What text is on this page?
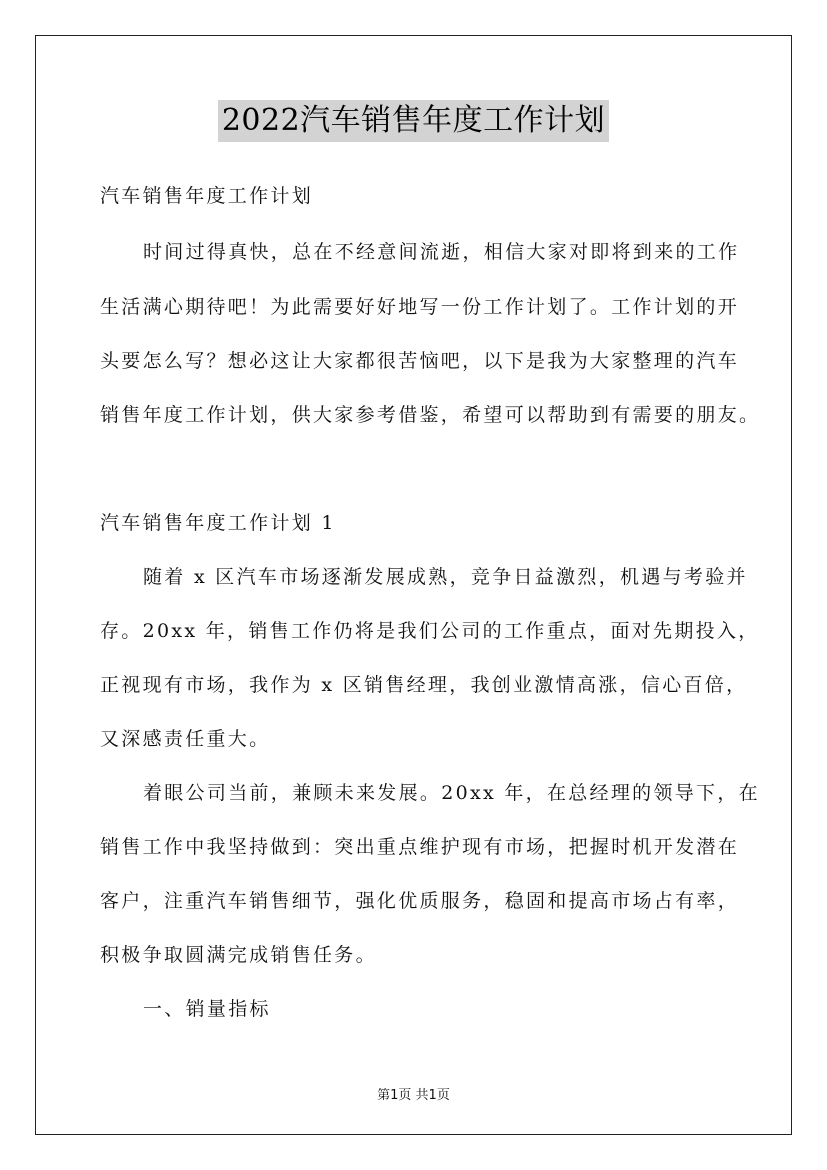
2022汽车销售年度工作计划
汽车销售年度工作计划
时间过得真快，总在不经意间流逝，相信大家对即将到来的工作
生活满心期待吧！为此需要好好地写一份工作计划了。工作计划的开
头要怎么写？想必这让大家都很苦恼吧，以下是我为大家整理的汽车
销售年度工作计划，供大家参考借鉴，希望可以帮助到有需要的朋友。
汽车销售年度工作计划 1
随着 x 区汽车市场逐渐发展成熟，竞争日益激烈，机遇与考验并
存。20xx 年，销售工作仍将是我们公司的工作重点，面对先期投入，
正视现有市场，我作为 x 区销售经理，我创业激情高涨，信心百倍，
又深感责任重大。
着眼公司当前，兼顾未来发展。20xx 年，在总经理的领导下，在
销售工作中我坚持做到：突出重点维护现有市场，把握时机开发潜在
客户，注重汽车销售细节，强化优质服务，稳固和提高市场占有率，
积极争取圆满完成销售任务。
一、销量指标
第1页 共1页
